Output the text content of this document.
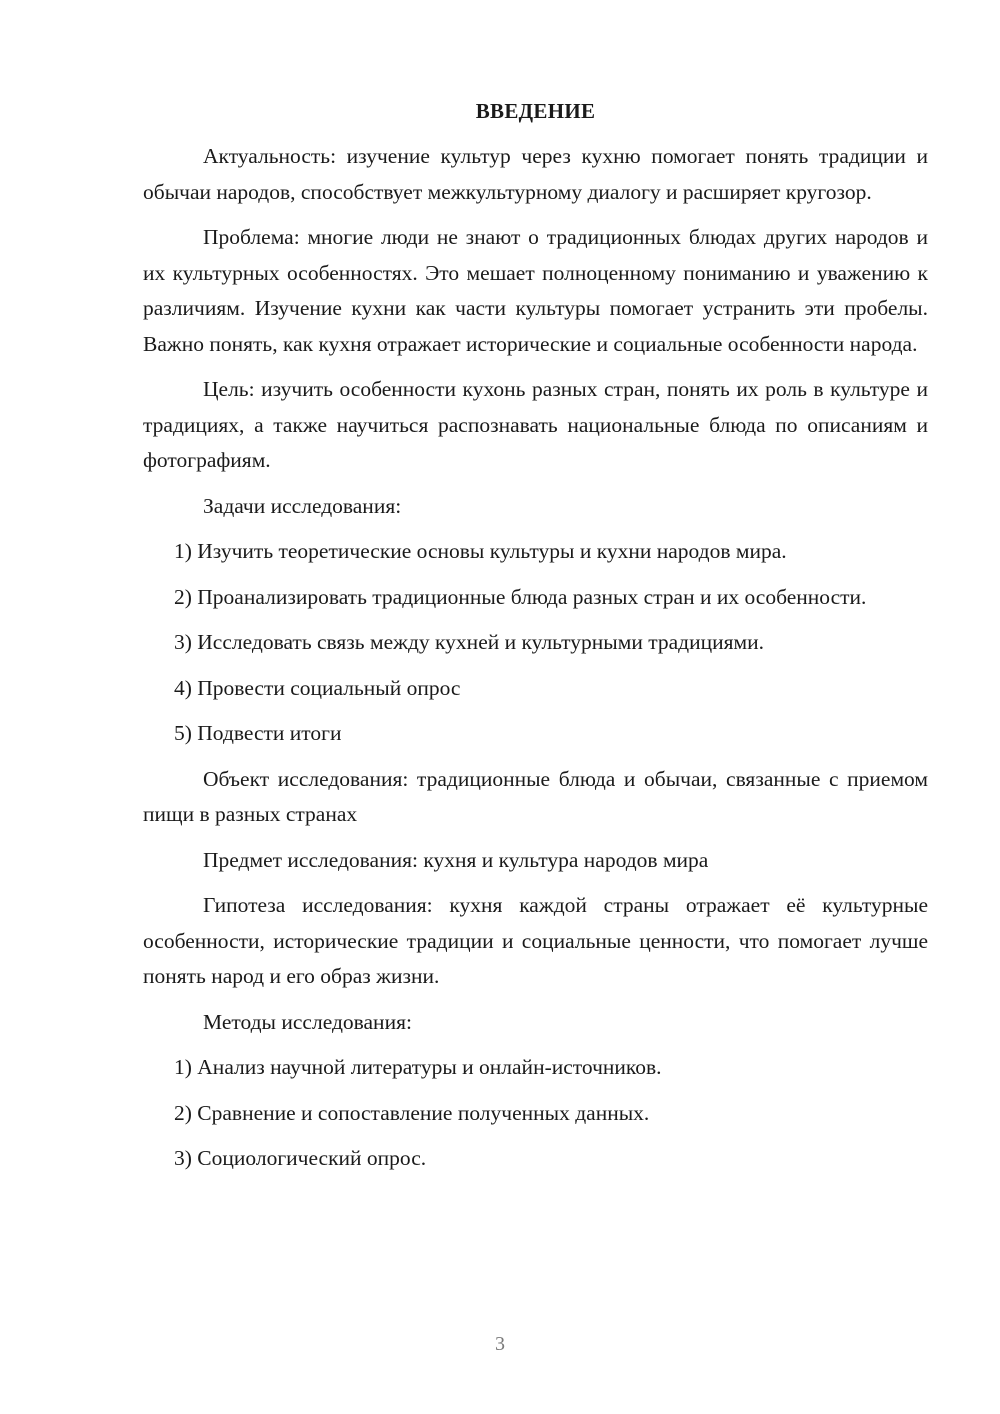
ВВЕДЕНИЕ

Актуальность: изучение культур через кухню помогает понять традиции и обычаи народов, способствует межкультурному диалогу и расширяет кругозор.

Проблема: многие люди не знают о традиционных блюдах других народов и их культурных особенностях. Это мешает полноценному пониманию и уважению к различиям. Изучение кухни как части культуры помогает устранить эти пробелы. Важно понять, как кухня отражает исторические и социальные особенности народа.

Цель: изучить особенности кухонь разных стран, понять их роль в культуре и традициях, а также научиться распознавать национальные блюда по описаниям и фотографиям.

Задачи исследования:

1) Изучить теоретические основы культуры и кухни народов мира.

2) Проанализировать традиционные блюда разных стран и их особенности.

3) Исследовать связь между кухней и культурными традициями.

4) Провести социальный опрос

5) Подвести итоги

Объект исследования: традиционные блюда и обычаи, связанные с приемом пищи в разных странах

Предмет исследования: кухня и культура народов мира

Гипотеза исследования: кухня каждой страны отражает её культурные особенности, исторические традиции и социальные ценности, что помогает лучше понять народ и его образ жизни.

Методы исследования:

1) Анализ научной литературы и онлайн-источников.

2) Сравнение и сопоставление полученных данных.

3) Социологический опрос.

3
